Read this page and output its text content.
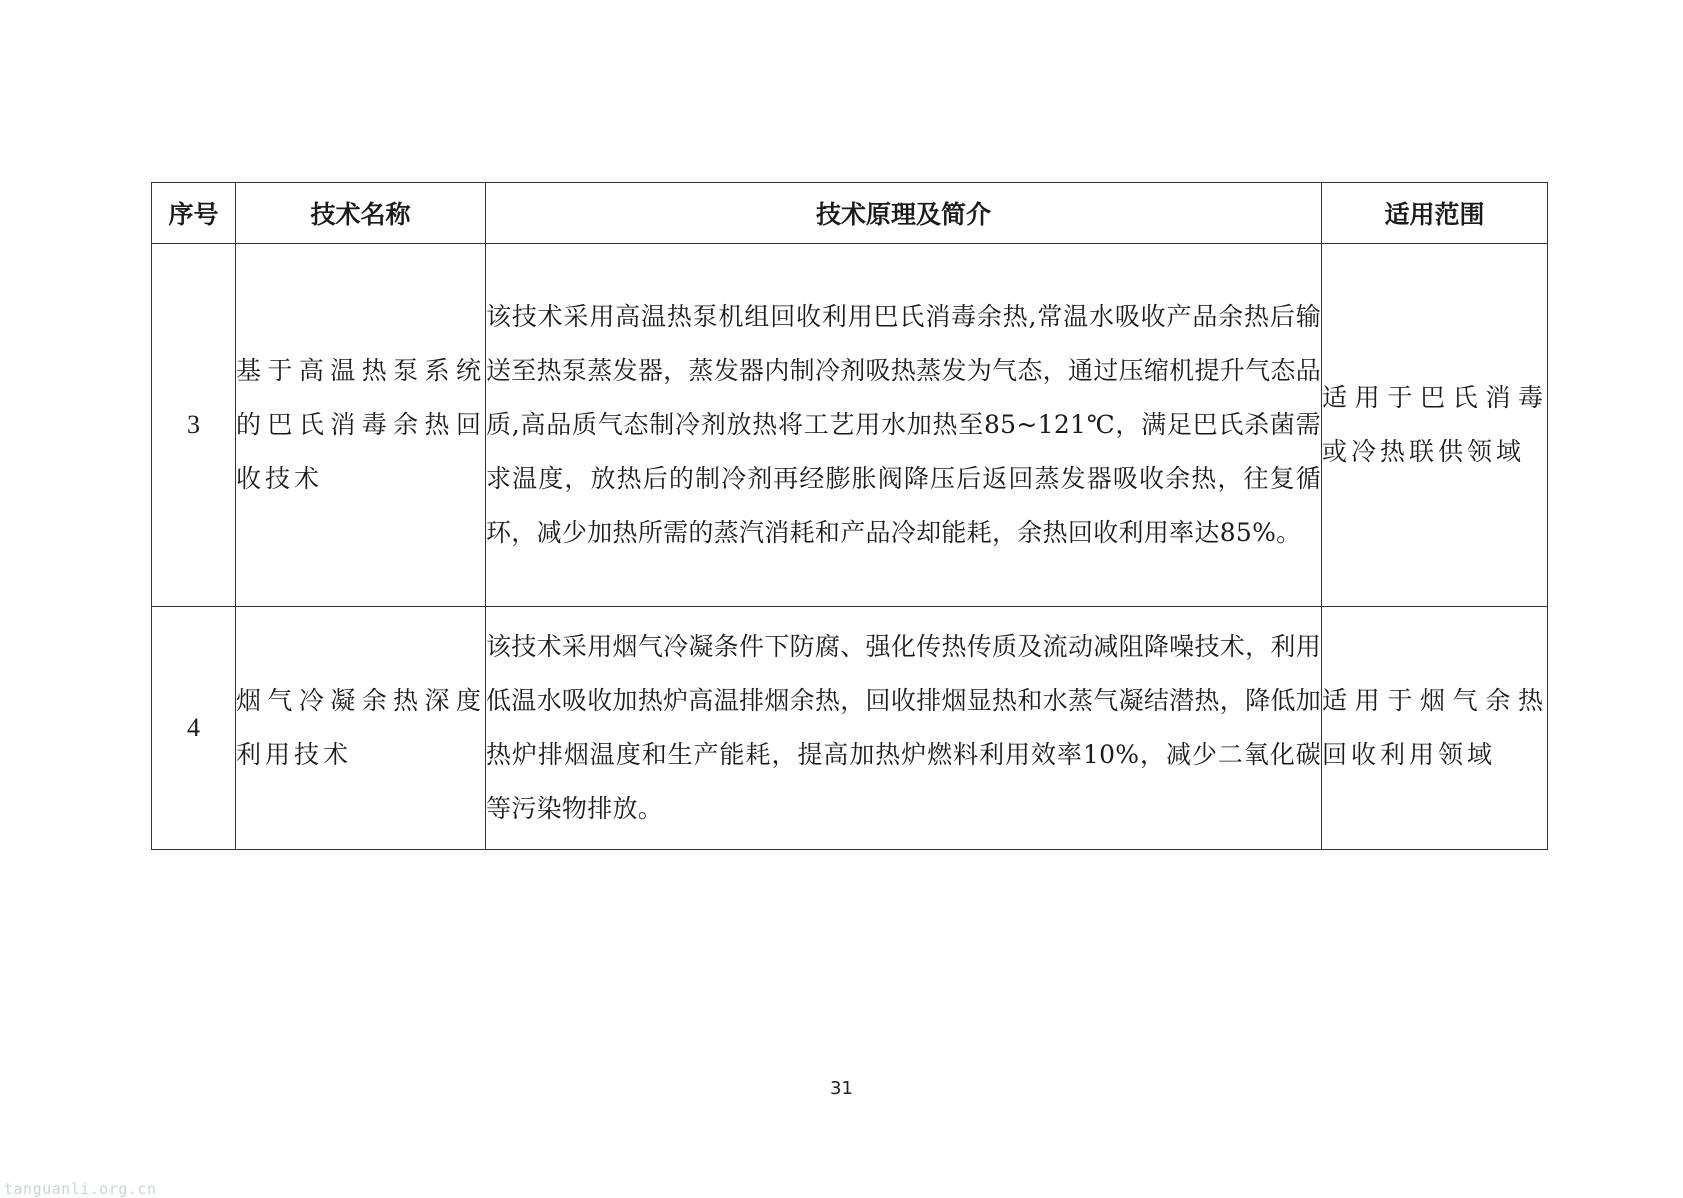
序号	技术名称	技术原理及简介	适用范围
3	基于高温热泵系统的巴氏消毒余热回收技术	该技术采用高温热泵机组回收利用巴氏消毒余热,常温水吸收产品余热后输送至热泵蒸发器，蒸发器内制冷剂吸热蒸发为气态，通过压缩机提升气态品质,高品质气态制冷剂放热将工艺用水加热至85~121℃，满足巴氏杀菌需求温度，放热后的制冷剂再经膨胀阀降压后返回蒸发器吸收余热，往复循环，减少加热所需的蒸汽消耗和产品冷却能耗，余热回收利用率达85%。	适用于巴氏消毒或冷热联供领域
4	烟气冷凝余热深度利用技术	该技术采用烟气冷凝条件下防腐、强化传热传质及流动减阻降噪技术，利用低温水吸收加热炉高温排烟余热，回收排烟显热和水蒸气凝结潜热，降低加热炉排烟温度和生产能耗，提高加热炉燃料利用效率10%，减少二氧化碳等污染物排放。	适用于烟气余热回收利用领域
31
tanguanli.org.cn
